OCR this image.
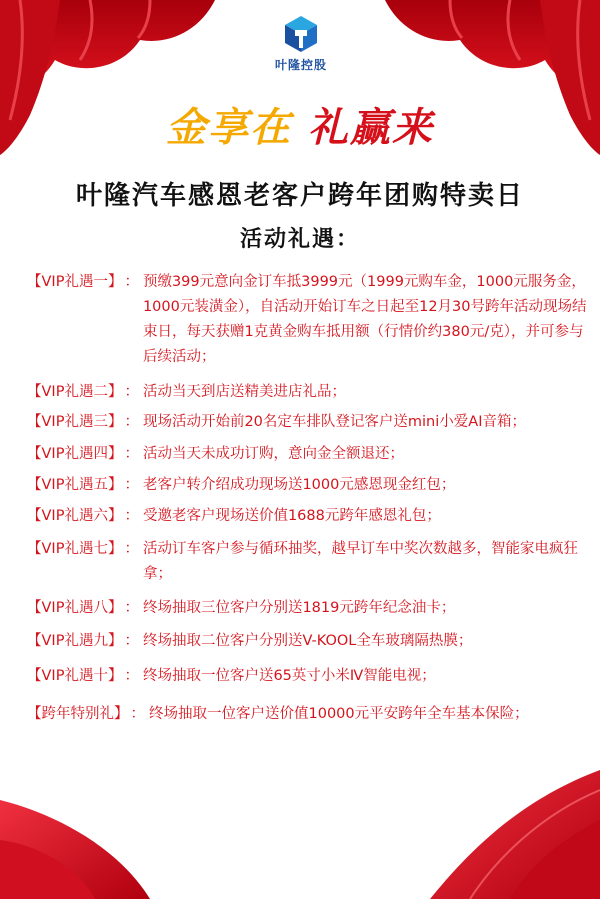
叶隆控股
金享在 礼赢来
叶隆汽车感恩老客户跨年团购特卖日
活动礼遇：
【VIP礼遇一】 ： 预缴399元意向金订车抵3999元（1999元购车金，1000元服务金，1000元装潢金），自活动开始订车之日起至12月30号跨年活动现场结束日，每天获赠1克黄金购车抵用额（行情价约380元/克），并可参与后续活动；
【VIP礼遇二】 ： 活动当天到店送精美进店礼品；
【VIP礼遇三】 ： 现场活动开始前20名定车排队登记客户送mini小爱AI音箱；
【VIP礼遇四】 ： 活动当天未成功订购，意向金全额退还；
【VIP礼遇五】 ： 老客户转介绍成功现场送1000元感恩现金红包；
【VIP礼遇六】 ： 受邀老客户现场送价值1688元跨年感恩礼包；
【VIP礼遇七】 ： 活动订车客户参与循环抽奖，越早订车中奖次数越多，智能家电疯狂拿；
【VIP礼遇八】 ： 终场抽取三位客户分别送1819元跨年纪念油卡；
【VIP礼遇九】 ： 终场抽取二位客户分别送V-KOOL全车玻璃隔热膜；
【VIP礼遇十】 ： 终场抽取一位客户送65英寸小米Ⅳ智能电视；
【跨年特别礼】 ： 终场抽取一位客户送价值10000元平安跨年全车基本保险；
